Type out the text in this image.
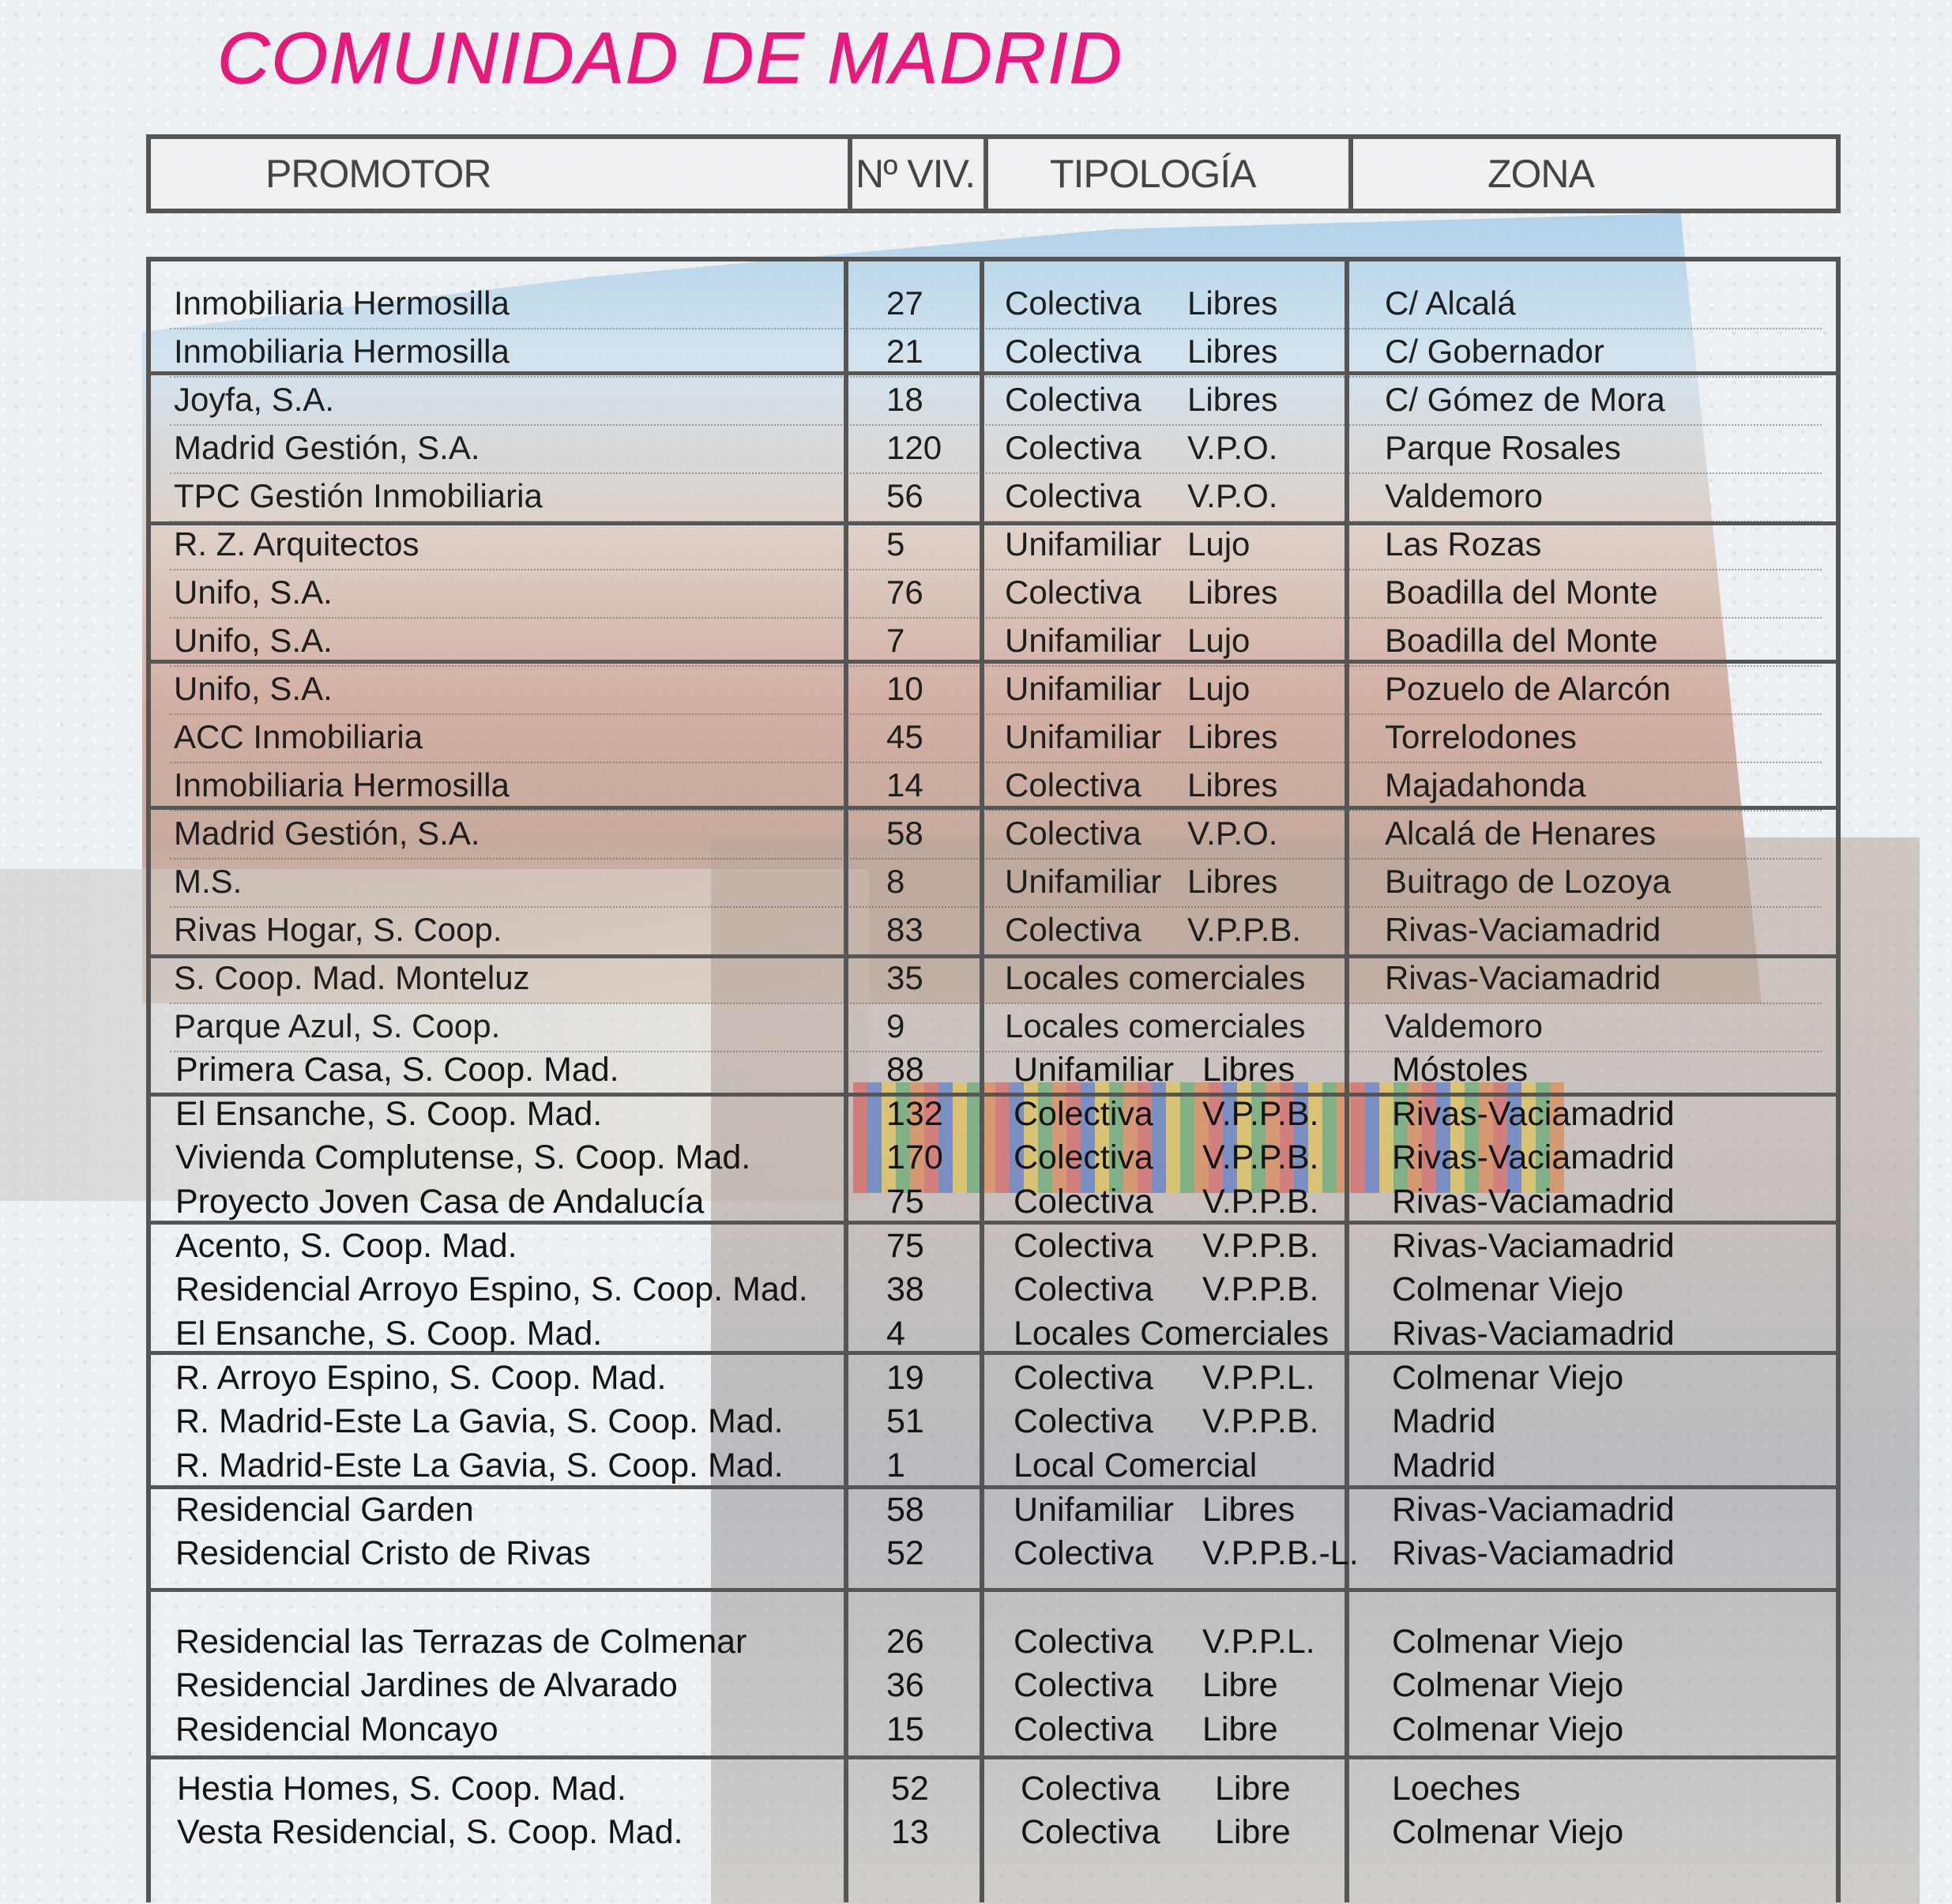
COMUNIDAD DE MADRID
PROMOTOR	Nº VIV.	TIPOLOGÍA	ZONA
Inmobiliaria Hermosilla	27 Colectiva Libres	C/ Alcalá
Inmobiliaria Hermosilla	21 Colectiva Libres	C/ Gobernador
Joyfa, S.A.	18 Colectiva Libres	C/ Gómez de Mora
Madrid Gestión, S.A.	120 Colectiva V.P.O.	Parque Rosales
TPC Gestión Inmobiliaria	56 Colectiva V.P.O.	Valdemoro
R. Z. Arquitectos	5	Unifamiliar Lujo	Las Rozas
Unifo, S.A.	76 Colectiva Libres	Boadilla del Monte
Unifo, S.A.	7	Unifamiliar Lujo	Boadilla del Monte
Unifo, S.A.	10 Unifamiliar Lujo	Pozuelo de Alarcón
ACC Inmobiliaria	45 Unifamiliar Libres	Torrelodones
Inmobiliaria Hermosilla	14 Colectiva Libres	Majadahonda
Madrid Gestión, S.A.	58 Colectiva V.P.O.	Alcalá de Henares
M.S.	8	Unifamiliar Libres	Buitrago de Lozoya
Rivas Hogar, S. Coop.	83 Colectiva V.P.P.B.	Rivas-Vaciamadrid
S. Coop. Mad. Monteluz	35 Locales comerciales Rivas-Vaciamadrid
Parque Azul, S. Coop.	9	Locales comerciales Valdemoro
Primera Casa, S. Coop. Mad.	88	Unifamiliar Libres	Móstoles
El Ensanche, S. Coop. Mad.	132 Colectiva V.P.P.B. Rivas-Vaciamadrid
Vivienda Complutense, S. Coop. Mad.	170 Colectiva V.P.P.B. Rivas-Vaciamadrid
Proyecto Joven Casa de Andalucía	75	Colectiva V.P.P.B. Rivas-Vaciamadrid
Acento, S. Coop. Mad.	75	Colectiva V.P.P.B. Rivas-Vaciamadrid
Residencial Arroyo Espino, S. Coop. Mad. 38	Colectiva V.P.P.B. Colmenar Viejo
El Ensanche, S. Coop. Mad.	4	Locales Comerciales Rivas-Vaciamadrid
R. Arroyo Espino, S. Coop. Mad.	19	Colectiva V.P.P.L. Colmenar Viejo
R. Madrid-Este La Gavia, S. Coop. Mad.	51	Colectiva V.P.P.B. Madrid
R. Madrid-Este La Gavia, S. Coop. Mad.	1	Local Comercial	Madrid
Residencial Garden	58	Unifamiliar Libres	Rivas-Vaciamadrid
Residencial Cristo de Rivas	52	Colectiva V.P.P.B.-L. Rivas-Vaciamadrid
Residencial las Terrazas de Colmenar	26	Colectiva V.P.P.L. Colmenar Viejo
Residencial Jardines de Alvarado	36	Colectiva Libre	Colmenar Viejo
Residencial Moncayo	15	Colectiva Libre	Colmenar Viejo
Hestia Homes, S. Coop. Mad.	52	Colectiva Libre	Loeches
Vesta Residencial, S. Coop. Mad.	13	Colectiva Libre	Colmenar Viejo
